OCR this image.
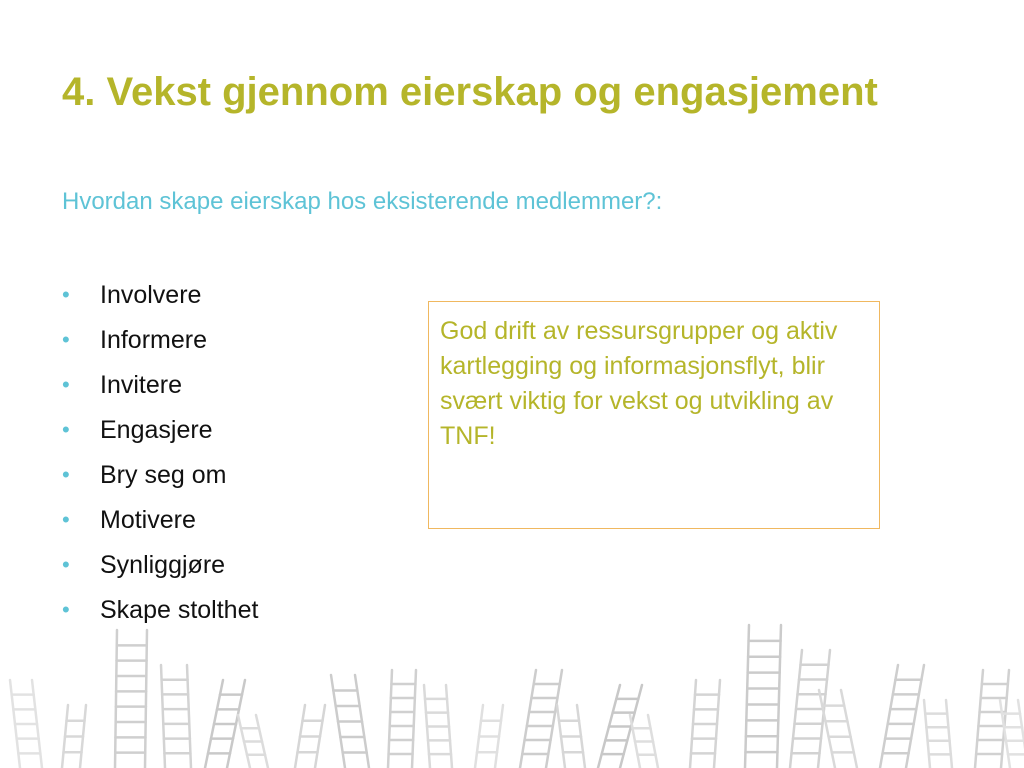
4. Vekst gjennom eierskap og engasjement
Hvordan skape eierskap hos eksisterende medlemmer?:
• Involvere
• Informere
• Invitere
• Engasjere
• Bry seg om
• Motivere
• Synliggjøre
• Skape stolthet
God drift av ressursgrupper og aktiv kartlegging og informasjonsflyt, blir svært viktig for vekst og utvikling av TNF!
